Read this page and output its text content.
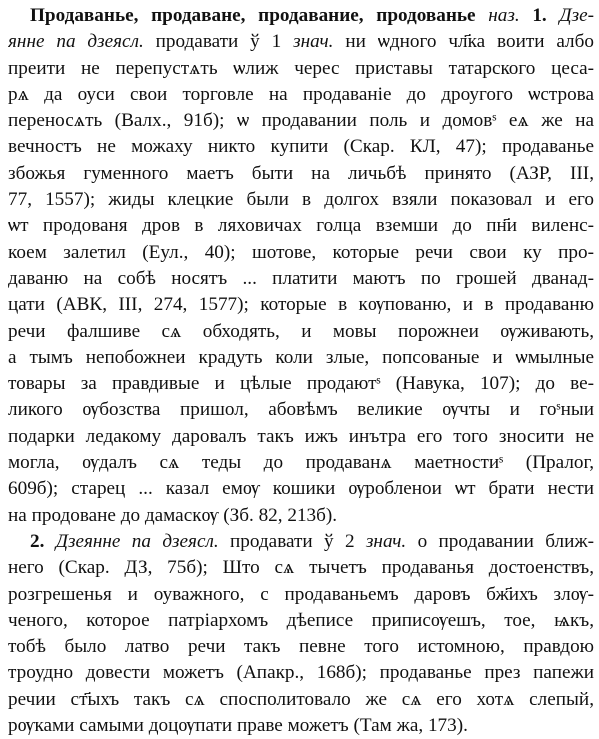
Продаванье, продаване, продавание, продованье наз. 1. Дзе-
янне па дзеясл. продавати ў 1 знач. ни ѡдного чл҃ка воити албо
преити не перепустѧть ѡлиж черес приставы татарского цеса-
рѧ да оуси свои торговле на продаваніе до дроугого ѡстрова
переносѧть (Валх., 91б); ѡ продавании поль и домовˢ еѧ же на
вечностъ не можаху никто купити (Скар. КЛ, 47); продаванье
збожья гуменного маетъ быти на личьбѣ принято (АЗР, III,
77, 1557); жиды клецкие были в долгох взяли показовал и его
ѡт продованя дров в ляховичах голца вземши до пн҃и виленс-
коем залетил (Еул., 40); шотове, которые речи свои ку про-
даваню на собѣ носятъ ... платити маютъ по грошей дванад-
цати (АВК, III, 274, 1577); которые в кѹпованю, и в продаваню
речи фалшиве сѧ обходять, и мовы порожнеи ѹживають,
а тымъ непобожнеи крадуть коли злые, попсованые и ѡмылные
товары за правдивые и цѣлые продаютˢ (Навука, 107); до ве-
ликого ѹбозства пришол, абовѣмъ великие ѹчты и гоˢныи
подарки ледакому даровалъ такъ ижъ инътра его того зносити не
могла, ѹдалъ сѧ теды до продаванѧ маетностиˢ (Пралог,
609б); старец ... казал емѹ кошики ѹробленои ѡт брати нести
на продоване до дамаскѹ (Зб. 82, 213б).
2. Дзеянне па дзеясл. продавати ў 2 знач. о продавании ближ-
него (Скар. ДЗ, 75б); Што сѧ тычетъ продаванья достоенствъ,
розгрешенья и оуважного, с продаваньемъ даровъ бж҃ихъ злѹ-
ченого, которое патріархомъ дѣеписе приписѹешъ, тое, ѩкъ,
тобѣ было латво речи такъ певне того истомною, правдою
троудно довести можетъ (Апакр., 168б); продаванье през папежи
речии ст҃ыхъ такъ сѧ спосполитовало же сѧ его хотѧ слепый,
рѹками самыми доцѹпати праве можетъ (Там жа, 173).
